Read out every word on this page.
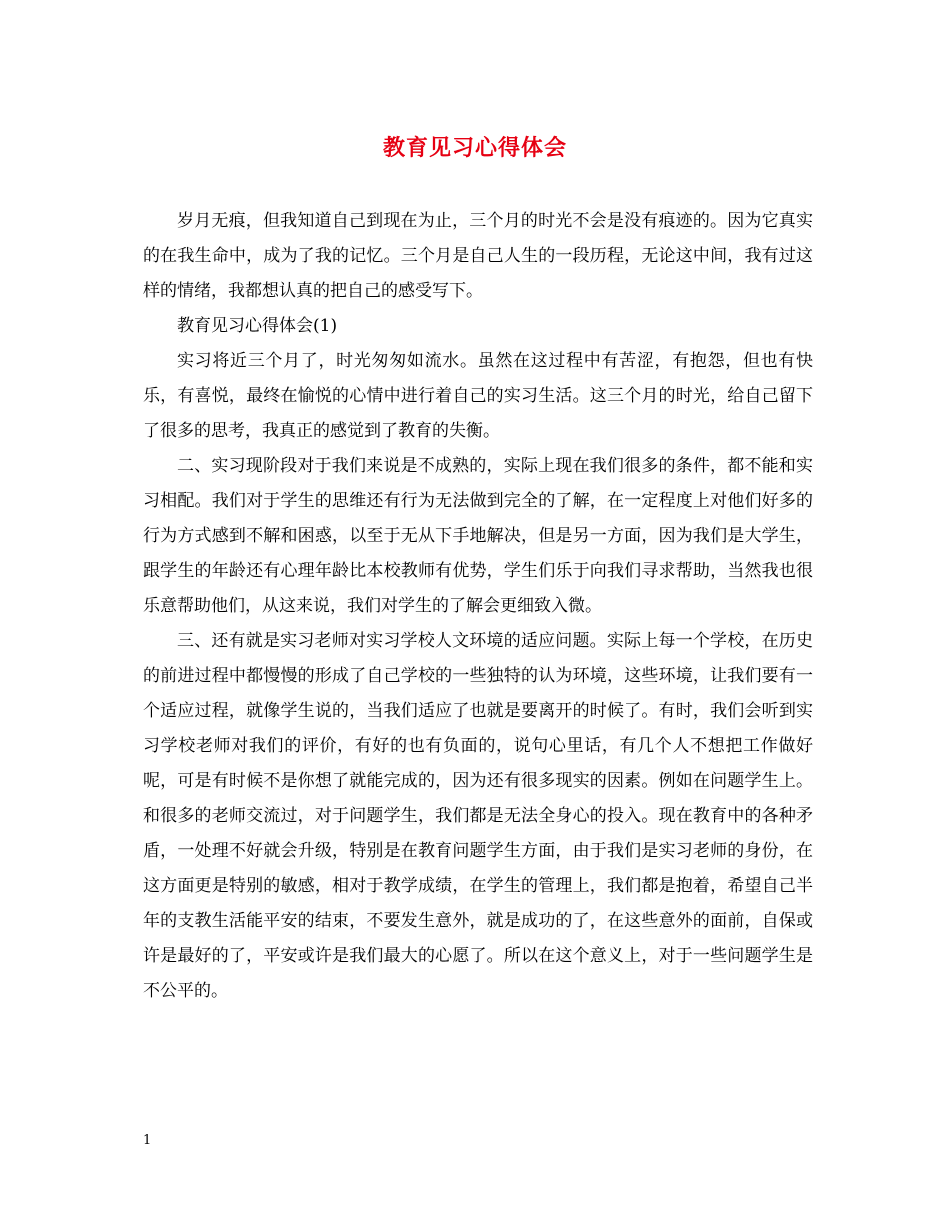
教育见习心得体会

岁月无痕，但我知道自己到现在为止，三个月的时光不会是没有痕迹的。因为它真实的在我生命中，成为了我的记忆。三个月是自己人生的一段历程，无论这中间，我有过这样的情绪，我都想认真的把自己的感受写下。

教育见习心得体会(1)

实习将近三个月了，时光匆匆如流水。虽然在这过程中有苦涩，有抱怨，但也有快乐，有喜悦，最终在愉悦的心情中进行着自己的实习生活。这三个月的时光，给自己留下了很多的思考，我真正的感觉到了教育的失衡。

二、实习现阶段对于我们来说是不成熟的，实际上现在我们很多的条件，都不能和实习相配。我们对于学生的思维还有行为无法做到完全的了解，在一定程度上对他们好多的行为方式感到不解和困惑，以至于无从下手地解决，但是另一方面，因为我们是大学生，跟学生的年龄还有心理年龄比本校教师有优势，学生们乐于向我们寻求帮助，当然我也很乐意帮助他们，从这来说，我们对学生的了解会更细致入微。

三、还有就是实习老师对实习学校人文环境的适应问题。实际上每一个学校，在历史的前进过程中都慢慢的形成了自己学校的一些独特的认为环境，这些环境，让我们要有一个适应过程，就像学生说的，当我们适应了也就是要离开的时候了。有时，我们会听到实习学校老师对我们的评价，有好的也有负面的，说句心里话，有几个人不想把工作做好呢，可是有时候不是你想了就能完成的，因为还有很多现实的因素。例如在问题学生上。和很多的老师交流过，对于问题学生，我们都是无法全身心的投入。现在教育中的各种矛盾，一处理不好就会升级，特别是在教育问题学生方面，由于我们是实习老师的身份，在这方面更是特别的敏感，相对于教学成绩，在学生的管理上，我们都是抱着，希望自己半年的支教生活能平安的结束，不要发生意外，就是成功的了，在这些意外的面前，自保或许是最好的了，平安或许是我们最大的心愿了。所以在这个意义上，对于一些问题学生是不公平的。

1
